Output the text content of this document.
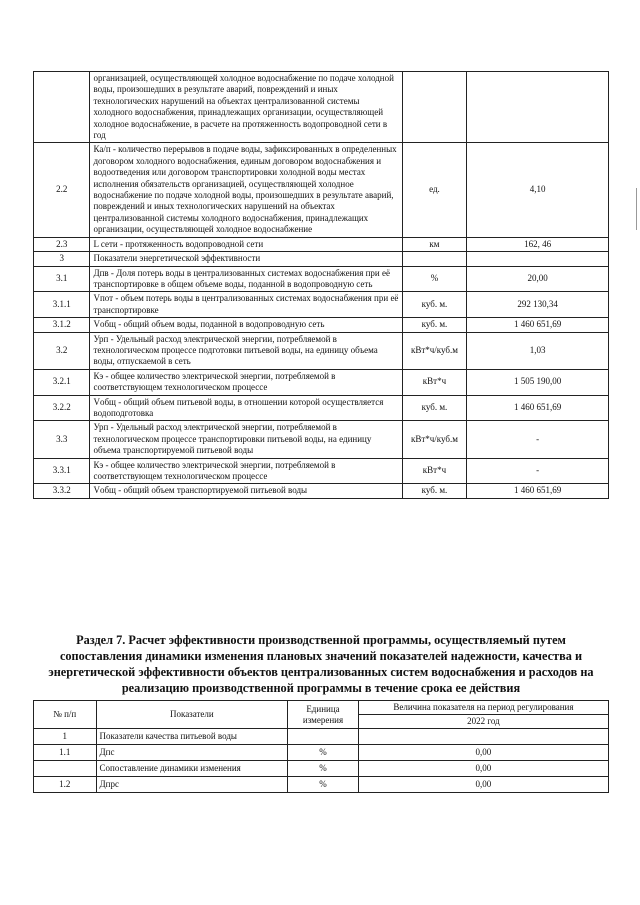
	организацией, осуществляющей холодное водоснабжение по подаче холодной воды, произошедших в результате аварий, повреждений и иных технологических нарушений на объектах централизованной системы холодного водоснабжения, принадлежащих организации, осуществляющей холодное водоснабжение, в расчете на протяженность водопроводной сети в год		
2.2	Ка/п - количество перерывов в подаче воды, зафиксированных в определенных договором холодного водоснабжения, единым договором водоснабжения и водоотведения или договором транспортировки холодной воды местах исполнения обязательств организацией, осуществляющей холодное водоснабжение по подаче холодной воды, произошедших в результате аварий, повреждений и иных технологических нарушений на объектах централизованной системы холодного водоснабжения, принадлежащих организации, осуществляющей холодное водоснабжение	ед.	4,10
2.3	L сети - протяженность водопроводной сети	км	162, 46
3	Показатели энергетической эффективности		
3.1	Дпв - Доля потерь воды в централизованных системах водоснабжения при её транспортировке в общем объеме воды, поданной в водопроводную сеть	%	20,00
3.1.1	Vпот - объем потерь воды в централизованных системах водоснабжения при её транспортировке	куб. м.	292 130,34
3.1.2	Vобщ - общий объем воды, поданной в водопроводную сеть	куб. м.	1 460 651,69
3.2	Урп - Удельный расход электрической энергии, потребляемой в технологическом процессе подготовки питьевой воды, на единицу объема воды, отпускаемой в сеть	кВт*ч/куб.м	1,03
3.2.1	Кэ - общее количество электрической энергии, потребляемой в соответствующем технологическом процессе	кВт*ч	1 505 190,00
3.2.2	Vобщ - общий объем питьевой воды, в отношении которой осуществляется водоподготовка	куб. м.	1 460 651,69
3.3	Урп - Удельный расход электрической энергии, потребляемой в технологическом процессе транспортировки питьевой воды, на единицу объема транспортируемой питьевой воды	кВт*ч/куб.м	-
3.3.1	Кэ - общее количество электрической энергии, потребляемой в соответствующем технологическом процессе	кВт*ч	-
3.3.2	Vобщ - общий объем транспортируемой питьевой воды	куб. м.	1 460 651,69
Раздел 7. Расчет эффективности производственной программы, осуществляемый путем сопоставления динамики изменения плановых значений показателей надежности, качества и энергетической эффективности объектов централизованных систем водоснабжения и расходов на реализацию производственной программы в течение срока ее действия
№ п/п	Показатели	Единица измерения	Величина показателя на период регулирования
			2022 год
1	Показатели качества питьевой воды		
1.1	Дпс	%	0,00
	Сопоставление динамики изменения	%	0,00
1.2	Дпрс	%	0,00
